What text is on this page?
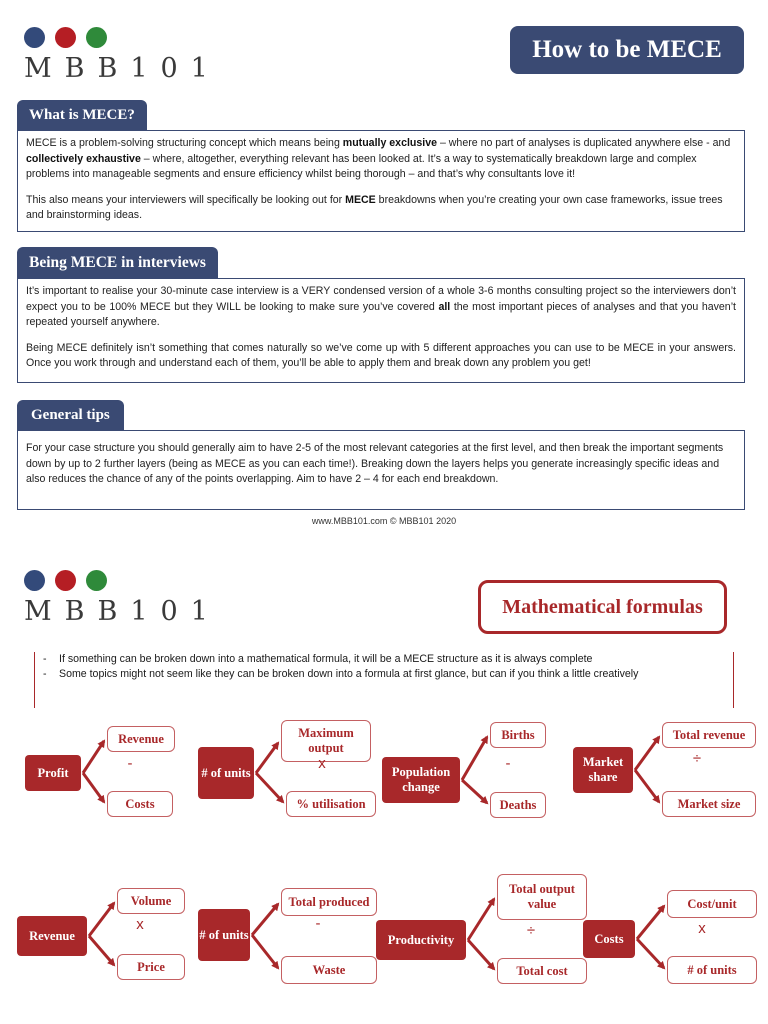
MBB101
How to be MECE
What is MECE?

MECE is a problem-solving structuring concept which means being mutually exclusive – where no part of analyses is duplicated anywhere else - and collectively exhaustive – where, altogether, everything relevant has been looked at. It’s a way to systematically breakdown large and complex problems into manageable segments and ensure efficiency whilst being thorough – and that’s why consultants love it!

This also means your interviewers will specifically be looking out for MECE breakdowns when you’re creating your own case frameworks, issue trees and brainstorming ideas.

Being MECE in interviews

It’s important to realise your 30-minute case interview is a VERY condensed version of a whole 3-6 months consulting project so the interviewers don’t expect you to be 100% MECE but they WILL be looking to make sure you’ve covered all the most important pieces of analyses and that you haven’t repeated yourself anywhere.

Being MECE definitely isn’t something that comes naturally so we’ve come up with 5 different approaches you can use to be MECE in your answers. Once you work through and understand each of them, you’ll be able to apply them and break down any problem you get!

General tips

For your case structure you should generally aim to have 2-5 of the most relevant categories at the first level, and then break the important segments down by up to 2 further layers (being as MECE as you can each time!). Breaking down the layers helps you generate increasingly specific ideas and also reduces the chance of any of the points overlapping. Aim to have 2 – 4 for each end breakdown.

www.MBB101.com © MBB101 2020
MBB101	Mathematical formulas
- If something can be broken down into a mathematical formula, it will be a MECE structure as it is always complete
- Some topics might not seem like they can be broken down into a formula at first glance, but can if you think a little creatively
Profit
Revenue
Costs
-
# of units
Maximum output
% utilisation
x	Population change
Births
Deaths
-	Market share
Total revenue
Market size
÷
Revenue
Volume
Price
x
# of units
Total produced
Waste
-
Productivity
Total output value
Total cost
÷	Costs
Cost/unit
# of units
x
